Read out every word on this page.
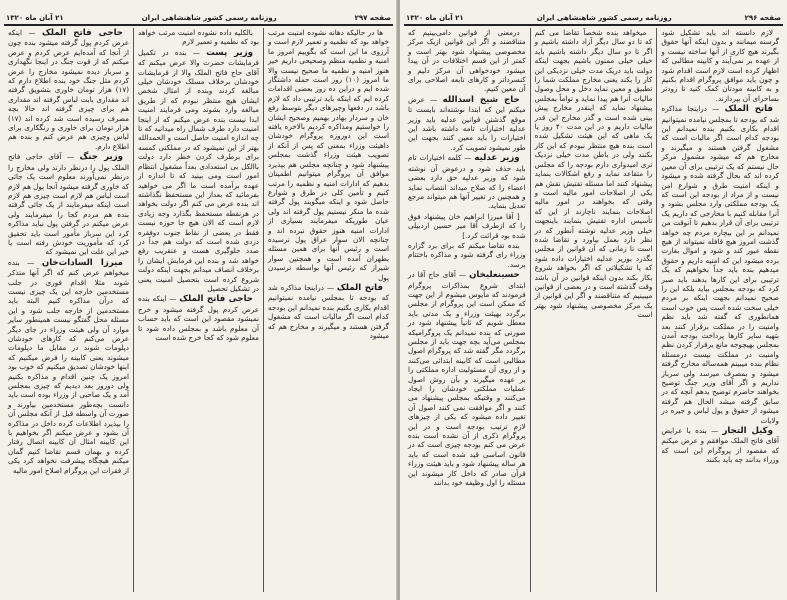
صفحه ۲۹۷
روزنامه رسمی کشور شاهنشاهی ایران
۲۱ آبان ماه ۱۳۲۰

ها در حالیکه دهانه نشوده امنیت مرتب خواهد بود که نظمیه و تعمیر لازم است و آرزوی ما این است که بگوییم امروز ما امنیه و نظمیه منظم وصحیحی داریم خیر هنوز امنیه و نظمیه ما صحیح نیست والا ما امروز (۱۰) روز است حمله داشتگار شده ایم و دراین ده روز بعضی اقدامات کرده ایم که اینکه باید ترتیبی داد که لازم باشد در دفعها وچیزهای دیگر بتوسط رفع خان و سردار بهادر بهمیم وصحیح ایشان را خواستیم ومذاکره کردیم بالاخره یافته است این دوروزه پروگرام خودشان داهیئت وزراء بمعنی که پس از آنکه از تصویب هیئت وزراء گذشت بمجلس پیشنهاد شود و چنانچه مجلس هم بپذیرد موافق آن پروگرام میتوانیم اطمینان بدهیم که ادارات امنیه و نظمیه را مرتب کنیم و تأمین کلی در طرق و شوارع حاصل شود و اینکه میگویند پول گرفته شده ما منکر نیستیم پول گرفته اند ولی عیان طوریکه میفرمایند بسیاری از ادارات امنیه هنوز حقوق نبرده اند و چنانچه الان سوار عراق پول نرسیده است و رئیس آنها برای همین مسئله بطهران آمده است و همچنین سوار شیراز که رئیس آنها بواسطه نرسیدن پول

فاتح الملک — دراینجا مذاکره شد که بودجه تا بمجلس نیامده نمیتوانیم اقدام بکاری بکنیم بنده نمیدانم این بودجه کدام است اگر مالیات است که مشغول گرفتن هستند و میگیرند و مخارج هم که میشود

بالکلیه داده نشوده امنیت مرتب خواهد بود که نظمیه و تعمیر لازم

وزیر پست — بنده در تکمیل فرمایشات حضرت والا عرض میکنم که آقای حاج فاتح الملک والا از فرمایشات خودشان برخلاف مسلک خودشان خیلی مبالغه کردند وبنده از امثال شخص ایشان هیچ منتظر نبودم که از طریق مبالغه وارد بشوند ومی فرمایند امنیت ابدا نیست بنده عرض میکنم که از اینجا امنیت دارد طرف شمال راه میدانید که تا چه اندازه امنیت حاصل است و الحمدالله بهتر از این نمیشود که در مملکتی کمسه برای برطرف کردن خطر دارد دولت باالکل بی استعدادی بعداً مشغول انتظام امور است ومی بینید که تا اندازه از عهده برآمده است ما اگر می خواهید بفرمائید که بعداز این مستحفظ نگذاشته اند بنده عرض می کنم اگر دولت بخواهد در هرنقطه مستحفظ بگذارد وجه زیادی لازم است که الان هیچ جا حوزه نیست فقط در بعضی از نقاط جنوب دوفقره دزدی شده است که دولت هم جداً در صدد جلوگیری هست و عنقریب رفع خواهد شد و بنده این فرمایش ایشان را برخلاف انصاف میدانم بجهت اینکه دولت شروع کرده است بتحصیل امنیت یعنی در تشکیل تحصیل

حاجی فاتح الملک — اینکه بنده عرض کردم پول گرفته میشود و خرج نمیشود مقصود این است که باید حساب آن معلوم باشد و بمجلس داده شود تا معلوم شود که کجا خرج شده است

حاجی فاتح الملک — اینکه عرض کردم پول گرفته میشود بنده چون از آنجا که آمده‌ایم عرض کردم و عرض میکنم که از قوت جنگ در اینجا نگهداری و سرباز دیده نمیشود مخارج را عرض کردم مثل جنگ خود بنده اطلاع دارم که (۱۷) هزار تومان خاوری بتشویق گرفته اند مقداری بابت لباس گرفته اند مقداری هم برای چیزی گرفته اند حالا بچه مصرف رسیده است شد کرده اند (۱۷) هزار تومان برای خاوری و رنگکاری برای لباس وچیزی هم عرض کنم و بنده هم اطلاع دارم.

وزیر جنگ — آقای حاجی فاتح الملک پول را درنظر دارند ولی مخارج را درنظر نمی‌آورند معلوم است یک جائی که خاوری گرفته میشود آنجا پول هم لازم است لباس هم لازم است چیزی هم لازم است اینکه میفرمایند از یک جائی گرفته بنده هم مردم کجا را میفرمایند ولی عرض میکنم در گرفتن پول نباید مذاکره کرد این سرباز مأمور است باید تحقیق کرد که مأموریت خودش رفته است یا خیر این علت این نمیشود که

میرزا السادات‌خان — بنده میخواهم عرض کنم که اگر آنها متذکر شوند مثلا اقدام فوری در جلب مستخدمین خارجه این یک چیزی نیست که درآن مذاکره کنیم البته باید مستخدمین از خارجه جلب شود و این مسئله محل گفتگو نیست همینطور سایر موارد آن ولی هیئت وزراء در جای دیگر عرض می‌کنم که کارهای خودشان دپلومات شوند در مقابل ما دپلومات میشوند یعنی کابینه را فرض میکنیم که اینها خودشان تصدیق میکنیم که خوب بود امروز یک چنین اقدام و مذاکره بکنیم ولی دوروز بعد دیدیم که چیزی بمجلس آمد و یک صاحبی از وزراء بوده است باید دانست بچه‌طور مستخدمین بیاورند و صورت آن واسطه قبل از آنکه مجلس آن را بپذیرد اطلاعات کرده داخل در مذاکره آن بشود و عرض میکنم اگر بخواهیم با این کابینه امثال آن کابینه اتصال رفتار کرده و بهمان قسم تقاضا کنیم گمان میکنم هیچگاه پیشرفت نخواهد کرد یکی از فقرات این پروگرام اصلاح امور مالیه

صفحه ۲۹۶
روزنامه رسمی کشور شاهنشاهی ایران
۲۱ آبان ماه ۱۳۲۰

لازم دانسته اند باید تشکیل شود گرسنه میمانند و بدون اینکه آنها حقوق بگیرند هیچ کاری از آنها ساخته نیست و از عهده بر نمی‌آیند و کابینه مطالبی که اظهار کرده است لازم است اقدام شود و چون باید موافق پروگرام اقدام بکنیم و به کابینه مودتان کمک کنید تا زودتر بساحرای آن بپردازند.

فاتح الملک — دراینجا مذاکره شد که بودجه تا بمجلس نیامده نمیتوانیم اقدام بکاری بکنیم بنده نمیدانم این بودجه کدام است اگر مالیات است که مشغول گرفتن هستند و میگیرند و مخارج هم که میشود مشمول مرکز حال نیستم که یک ترتیبی برای آن معین کرده اند که بحال گرفته شده و میشود و اینکه امنیت طرق و شوارع امن نیست و از مراد از بودجه این است که یک بودجه مملکتی وارد مجلس بشود و آنرا مقابله کنیم با مخارجی که داریم یک ترتیبی برای آن قرار بدهیم تا آنوقت من نمیدانم بر این بیچاره مردم چه خواهد گذشت امروز هیچ قافله نمیتواند از هیچ نقطه عبور کند و شود و اموال بغارت برده میشود این که امنیه داریم و حقوق میدهیم بنده باید جداً بخواهیم که یک ترتیبی برای این کارها بدهند باید صبر کرد که بودجه بمجلس بیاید بلکه این را صحیح نمیدانم بجهت اینکه بر مردم خیلی سخت شده است پس خوب است همانطوری که گفته شد باید نظم وامنیت را در مملکت برقرار کنند بعد بتهیه سایر کارها پرداخت بودجه آمدن بمجلس بهیچوجه مانع برقرار کردن نظم وامنیت در مملکت نیست درمسئله نظام بنده میبینم همه‌ساله مخارج گرفته میشود و بمصرف میرسد ولی سرباز نداریم و اگر آقای وزیر جنگ توضیح بخواهند حاضرم توضیح بدهم آنچه که در سابق گرفته میشد الحال هم گرفته میشود از حقوق و پول لباس و جیره در ولایات

وکیل التجار — بنده با عرایض آقای فاتح الملک موافقم و عرض میکنم که مقصود از پروگرام این است که وزراء بدانند چه باید بکنند

میخواهد بنده شخصاً تقاضا می کنم که تا دو سال دیگر آزاد داشته باشیم و اگر تا دو سال دیگر داشته باشیم باید خیلی خیلی ممنون باشیم بجهت اینکه دولت باید دریک مدت خیلی نزدیکی این کار را بکند یعنی مخارج مملکت شما را تطبیق و معین نماید دخل و محل وصول مالیات آنرا هم پیدا نماید و تواماً بمجلس پیشنهاد نماید که اینقدر مخارج پیش بینی شده است و گذر مخارج این قدر مالیات داریم و در این مدت ۴۰ روز یا یک ماهی که این هیئت تشکیل شده است بنده هیچ منتظر نبودم که این کار بکنند ولی در باطن مدت خیلی نزدیک تری امیدواری دارم بودجه را که مجلس را متقاعد نماید و رفع اشکالات بنماید پیشنهاد کنند اما مسئله تفتیش نقش هم یکی از اصلاحات امور مالیه است و وقتی که بخواهند در امور مالیه اصلاحات بنمایند ناچارند از این که تأسیس اداره تفتیش بنمایند باینجهت خیلی وزیر عدلیه نوشته آنطور که در نظر دارد بعمل بیاورد و تقاضا شده است تا زمانی که آن قوانین از مجلس بگذرد بوزیر عدلیه اختیارات داده شود که یا تشکیلاتی که اگر بخواهد شروع بکار بکند بدون اینکه قوانین در آن باشد وقت گذشته است و در بعضی از قوانین میبینیم که متناقضند و اگر این قوانین از یک مرکز مخصوصی پیشنهاد شود بهتر است

درمعنی از قوانین دامی‌بینیم که متناقضند و اگر این قوانین ازیک مرکز مخصوصی پیشنهاد شود بهتر است و کمتر از این قسم اختلافات در آن پیدا میشود خودخواهی آن مرکز دلیم و کنسرداتر و کارهای تابعه اصلاحی برای آن معین کنیم.

حاج شیخ اسدالله — عرض میکنم این که ابتدا نوشته‌اند بایست تا موقع گذشتن قوانین عدلیه باید وزیر عدلیه اختیارات تامه داشته باشد این اختیارات را باید معین کنند بجهت این طور نمیشود تصویب کرد.

وزیر عدلیه — کلمه اختیارات تام باید حذف شود و درعوض آن نوشته شود که وزیر عدلیه حق دارد بعضی اعضاء را که صلاح میداند انتصاب نماید و همچنین در تغییر آنها هم میتواند مرجع تعدیل بنماید.

[ آقا میرزا ابراهیم خان پیشنهاد فوق را که ازطرف آقا میر حسین اردبیلی شده بود قرائت کرد.]

بنده تقاضا میکنم که برای برد گزاره وزراء رای گرفته شود و مذاکره باختتام برسد.

حسینعلیخان — آقای حاج آقا در ابتدای شروع بمذاکرات پروگرام فرمودند که مأیوس میشوم از این جهت که ممکن است این پروگرام از مجلس برگردد بهیئت وزراء و یک مدتی باید معطل شویم که ثانیاً پیشنهاد شود در صورتی که بنده نمیدانم یک پروگرامیکه بمجلس می‌آید بچه جهت باید از مجلس برگردد مگر گفته شد که پروگرام اصول مطالبی است که کابینه ابتدائی می‌کنند و از روی آن مسئولیت اداره مملکتی را بر عهده میگیرند و بآن روش اصول عملیات مملکتی خودشان را ایجاد می‌کنند و وقتیکه بمجلس پیشنهاد می کنند و اگر موافقت نمی کنند اصول آن تغییر داده میشود که یکی از چیزهای لازم ترتیب بودجه است و در این پروگرام ذکری از آن نشده است بنده عرض می کنم بودجه چیزی است که در قانون اساسی قید شده است که باید هر ساله پیشنهاد شود و باید هیئت وزراء قرآن صادر که داخل کار میشوند این مسئله را اول وظیفه خود بدانند
